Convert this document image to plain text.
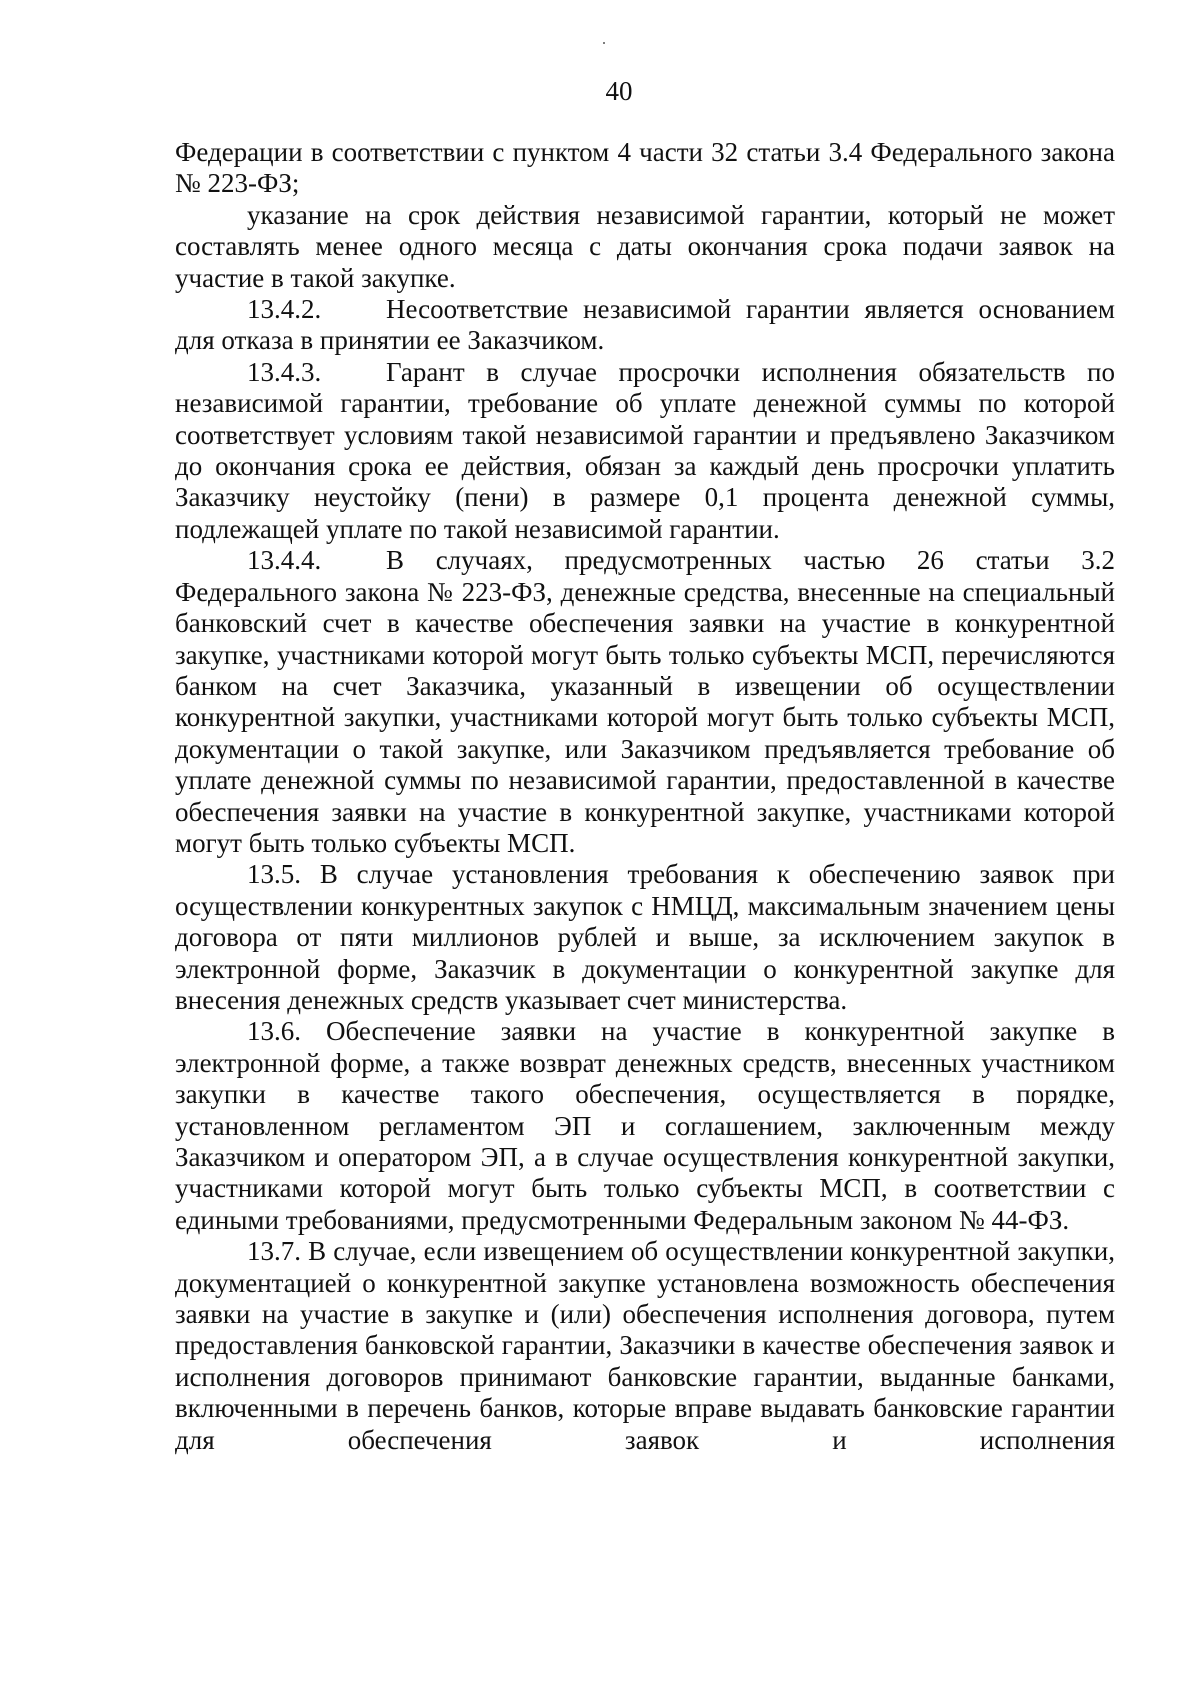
40

Федерации в соответствии с пунктом 4 части 32 статьи 3.4 Федерального закона № 223-ФЗ;

указание на срок действия независимой гарантии, который не может составлять менее одного месяца с даты окончания срока подачи заявок на участие в такой закупке.

13.4.2. Несоответствие независимой гарантии является основанием для отказа в принятии ее Заказчиком.

13.4.3. Гарант в случае просрочки исполнения обязательств по независимой гарантии, требование об уплате денежной суммы по которой соответствует условиям такой независимой гарантии и предъявлено Заказчиком до окончания срока ее действия, обязан за каждый день просрочки уплатить Заказчику неустойку (пени) в размере 0,1 процента денежной суммы, подлежащей уплате по такой независимой гарантии.

13.4.4. В случаях, предусмотренных частью 26 статьи 3.2 Федерального закона № 223-ФЗ, денежные средства, внесенные на специальный банковский счет в качестве обеспечения заявки на участие в конкурентной закупке, участниками которой могут быть только субъекты МСП, перечисляются банком на счет Заказчика, указанный в извещении об осуществлении конкурентной закупки, участниками которой могут быть только субъекты МСП, документации о такой закупке, или Заказчиком предъявляется требование об уплате денежной суммы по независимой гарантии, предоставленной в качестве обеспечения заявки на участие в конкурентной закупке, участниками которой могут быть только субъекты МСП.

13.5. В случае установления требования к обеспечению заявок при осуществлении конкурентных закупок с НМЦД, максимальным значением цены договора от пяти миллионов рублей и выше, за исключением закупок в электронной форме, Заказчик в документации о конкурентной закупке для внесения денежных средств указывает счет министерства.

13.6. Обеспечение заявки на участие в конкурентной закупке в электронной форме, а также возврат денежных средств, внесенных участником закупки в качестве такого обеспечения, осуществляется в порядке, установленном регламентом ЭП и соглашением, заключенным между Заказчиком и оператором ЭП, а в случае осуществления конкурентной закупки, участниками которой могут быть только субъекты МСП, в соответствии с едиными требованиями, предусмотренными Федеральным законом № 44-ФЗ.

13.7. В случае, если извещением об осуществлении конкурентной закупки, документацией о конкурентной закупке установлена возможность обеспечения заявки на участие в закупке и (или) обеспечения исполнения договора, путем предоставления банковской гарантии, Заказчики в качестве обеспечения заявок и исполнения договоров принимают банковские гарантии, выданные банками, включенными в перечень банков, которые вправе выдавать банковские гарантии для обеспечения заявок и исполнения
